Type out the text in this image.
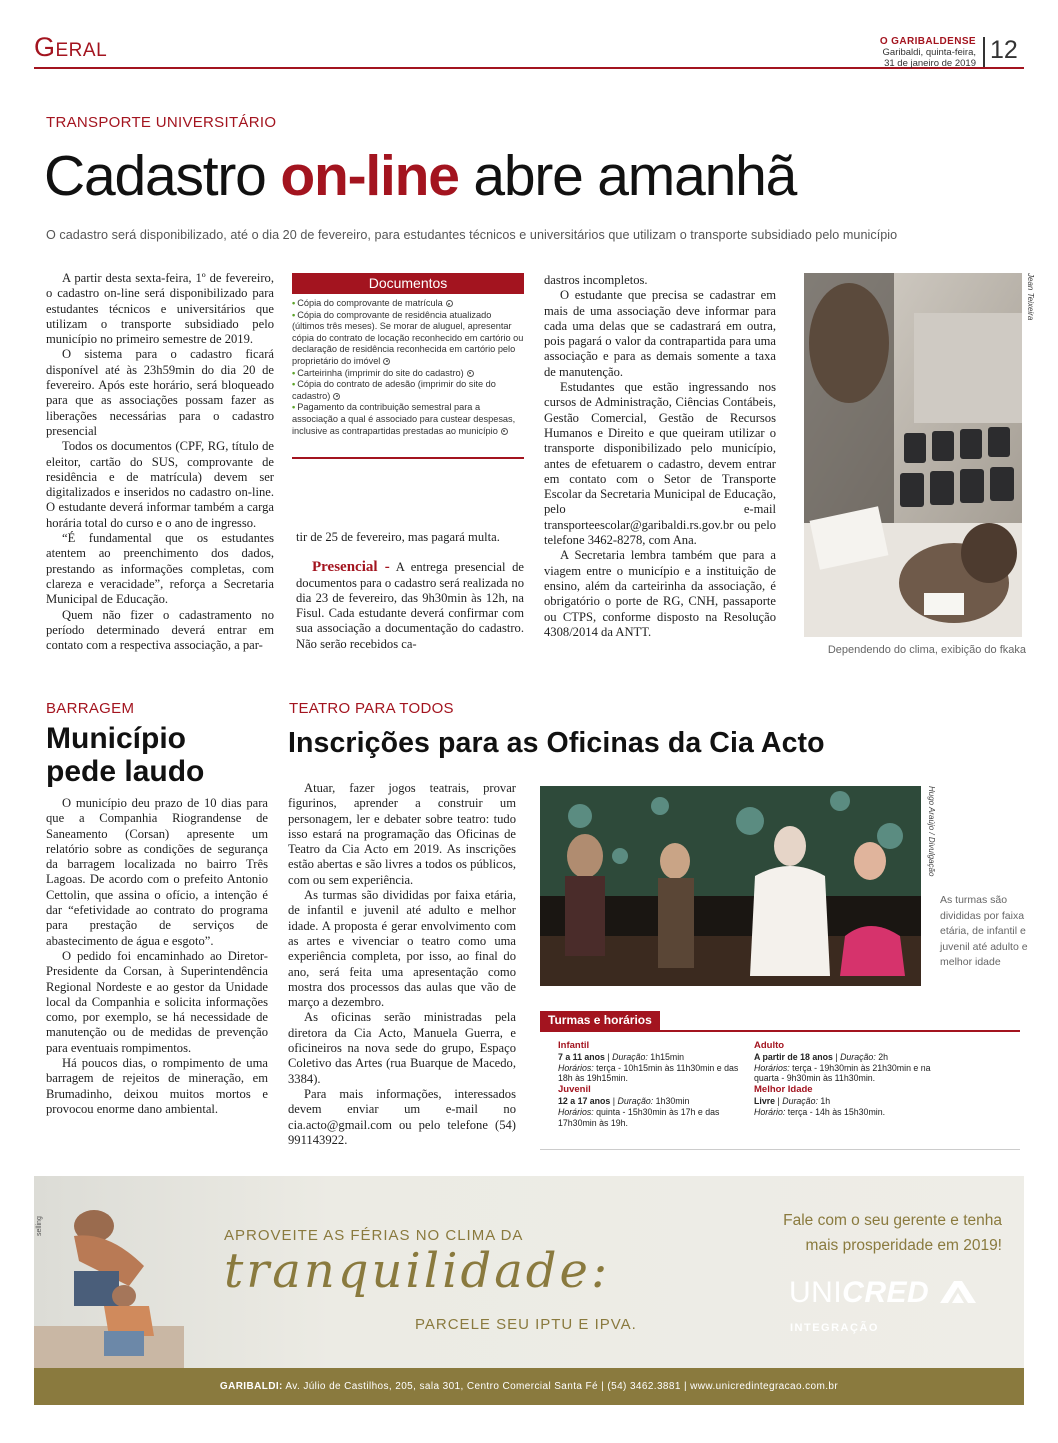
Geral	O GARIBALDENSE
Garibaldi, quinta-feira,
31 de janeiro de 2019 12
TRANSPORTE UNIVERSITÁRIO
Cadastro on-line abre amanhã
O cadastro será disponibilizado, até o dia 20 de fevereiro, para estudantes técnicos e universitários que utilizam o transporte subsidiado pelo município

A partir desta sexta-feira, 1º de fevereiro, o cadastro on-line será disponibilizado para estudantes técnicos e universitários que utilizam o transporte subsidiado pelo município no primeiro semestre de 2019.

O sistema para o cadastro ficará disponível até às 23h59min do dia 20 de fevereiro. Após este horário, será bloqueado para que as associações possam fazer as liberações necessárias para o cadastro presencial

Todos os documentos (CPF, RG, título de eleitor, cartão do SUS, comprovante de residência e de matrícula) devem ser digitalizados e inseridos no cadastro on-line. O estudante deverá informar também a carga horária total do curso e o ano de ingresso.

“É fundamental que os estudantes atentem ao preenchimento dos dados, prestando as informações completas, com clareza e veracidade”, reforça a Secretaria Municipal de Educação.

Quem não fizer o cadastramento no período determinado deverá entrar em contato com a respectiva associação, a par-

Documentos
• Cópia do comprovante de matrícula
• Cópia do comprovante de residência atualizado (últimos três meses). Se morar de aluguel, apresentar cópia do contrato de locação reconhecido em cartório ou declaração de residência reconhecida em cartório pelo proprietário do imóvel
• Carteirinha (imprimir do site do cadastro)
• Cópia do contrato de adesão (imprimir do site do cadastro)
• Pagamento da contribuição semestral para a associação a qual é associado para custear despesas, inclusive as contrapartidas prestadas ao município
tir de 25 de fevereiro, mas pagará multa.
Presencial - A entrega presencial de documentos para o cadastro será realizada no dia 23 de fevereiro, das 9h30min às 12h, na Fisul. Cada estudante deverá confirmar com sua associação a documentação do cadastro. Não serão recebidos ca-
dastros incompletos.

O estudante que precisa se cadastrar em mais de uma associação deve informar para cada uma delas que se cadastrará em outra, pois pagará o valor da contrapartida para uma associação e para as demais somente a taxa de manutenção.

Estudantes que estão ingressando nos cursos de Administração, Ciências Contábeis, Gestão Comercial, Gestão de Recursos Humanos e Direito e que queiram utilizar o transporte disponibilizado pelo município, antes de efetuarem o cadastro, devem entrar em contato com o Setor de Transporte Escolar da Secretaria Municipal de Educação, pelo e-mail transporteescolar@garibaldi.rs.gov.br ou pelo telefone 3462-8278, com Ana.

A Secretaria lembra também que para a viagem entre o município e a instituição de ensino, além da carteirinha da associação, é obrigatório o porte de RG, CNH, passaporte ou CTPS, conforme disposto na Resolução 4308/2014 da ANTT.

Jean Teixeira
Dependendo do clima, exibição do fkaka
BARRAGEM
Município
pede laudo

O município deu prazo de 10 dias para que a Companhia Riograndense de Saneamento (Corsan) apresente um relatório sobre as condições de segurança da barragem localizada no bairro Três Lagoas. De acordo com o prefeito Antonio Cettolin, que assina o ofício, a intenção é dar “efetividade ao contrato do programa para prestação de serviços de abastecimento de água e esgoto”.

O pedido foi encaminhado ao Diretor-Presidente da Corsan, à Superintendência Regional Nordeste e ao gestor da Unidade local da Companhia e solicita informações como, por exemplo, se há necessidade de manutenção ou de medidas de prevenção para eventuais rompimentos.

Há poucos dias, o rompimento de uma barragem de rejeitos de mineração, em Brumadinho, deixou muitos mortos e provocou enorme dano ambiental.

TEATRO PARA TODOS
Inscrições para as Oficinas da Cia Acto

Atuar, fazer jogos teatrais, provar figurinos, aprender a construir um personagem, ler e debater sobre teatro: tudo isso estará na programação das Oficinas de Teatro da Cia Acto em 2019. As inscrições estão abertas e são livres a todos os públicos, com ou sem experiência.

As turmas são divididas por faixa etária, de infantil e juvenil até adulto e melhor idade. A proposta é gerar envolvimento com as artes e vivenciar o teatro como uma experiência completa, por isso, ao final do ano, será feita uma apresentação como mostra dos processos das aulas que vão de março a dezembro.

As oficinas serão ministradas pela diretora da Cia Acto, Manuela Guerra, e oficineiros na nova sede do grupo, Espaço Coletivo das Artes (rua Buarque de Macedo, 3384).

Para mais informações, interessados devem enviar um e-mail no cia.acto@gmail.com ou pelo telefone (54) 991143922.

Hugo Araújo / Divulgação
As turmas são divididas por faixa etária, de infantil e juvenil até adulto e melhor idade
Turmas e horários
Infantil
7 a 11 anos | Duração: 1h15min
Horários: terça - 10h15min às 11h30min e das 18h às 19h15min.
Juvenil
12 a 17 anos | Duração: 1h30min
Horários: quinta - 15h30min às 17h e das 17h30min às 19h.
Adulto
A partir de 18 anos | Duração: 2h
Horários: terça - 19h30min às 21h30min e na quarta - 9h30min às 11h30min.
Melhor Idade
Livre | Duração: 1h
Horário: terça - 14h às 15h30min.
selling	APROVEITE AS FÉRIAS NO CLIMA DA
tranquilidade:
PARCELE SEU IPTU E IPVA.
Fale com o seu gerente e tenha
mais prosperidade em 2019!
UNICRED
INTEGRAÇÃO
GARIBALDI: Av. Júlio de Castilhos, 205, sala 301, Centro Comercial Santa Fé | (54) 3462.3881 | www.unicredintegracao.com.br
